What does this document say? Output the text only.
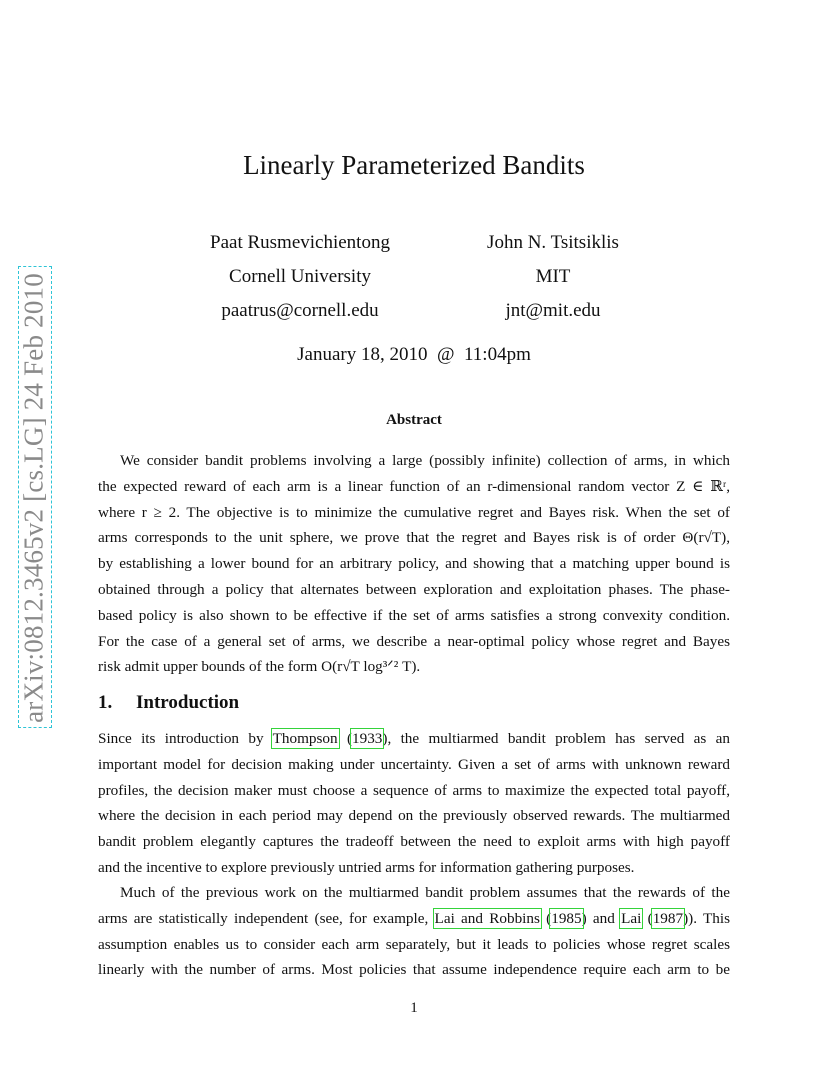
arXiv:0812.3465v2 [cs.LG] 24 Feb 2010
Linearly Parameterized Bandits
Paat Rusmevichientong
Cornell University
paatrus@cornell.edu
John N. Tsitsiklis
MIT
jnt@mit.edu
January 18, 2010  @  11:04pm
Abstract
We consider bandit problems involving a large (possibly infinite) collection of arms, in which
the expected reward of each arm is a linear function of an r-dimensional random vector Z ∈ ℝʳ,
where r ≥ 2. The objective is to minimize the cumulative regret and Bayes risk. When the set of
arms corresponds to the unit sphere, we prove that the regret and Bayes risk is of order Θ(r√T),
by establishing a lower bound for an arbitrary policy, and showing that a matching upper bound is
obtained through a policy that alternates between exploration and exploitation phases. The phase-
based policy is also shown to be effective if the set of arms satisfies a strong convexity condition.
For the case of a general set of arms, we describe a near-optimal policy whose regret and Bayes
risk admit upper bounds of the form O(r√T log³ᐟ² T).
1. Introduction
Since its introduction by Thompson (1933), the multiarmed bandit problem has served as an
important model for decision making under uncertainty. Given a set of arms with unknown reward
profiles, the decision maker must choose a sequence of arms to maximize the expected total payoff,
where the decision in each period may depend on the previously observed rewards. The multiarmed
bandit problem elegantly captures the tradeoff between the need to exploit arms with high payoff
and the incentive to explore previously untried arms for information gathering purposes.
Much of the previous work on the multiarmed bandit problem assumes that the rewards of the
arms are statistically independent (see, for example, Lai and Robbins (1985) and Lai (1987)). This
assumption enables us to consider each arm separately, but it leads to policies whose regret scales
linearly with the number of arms. Most policies that assume independence require each arm to be
1
